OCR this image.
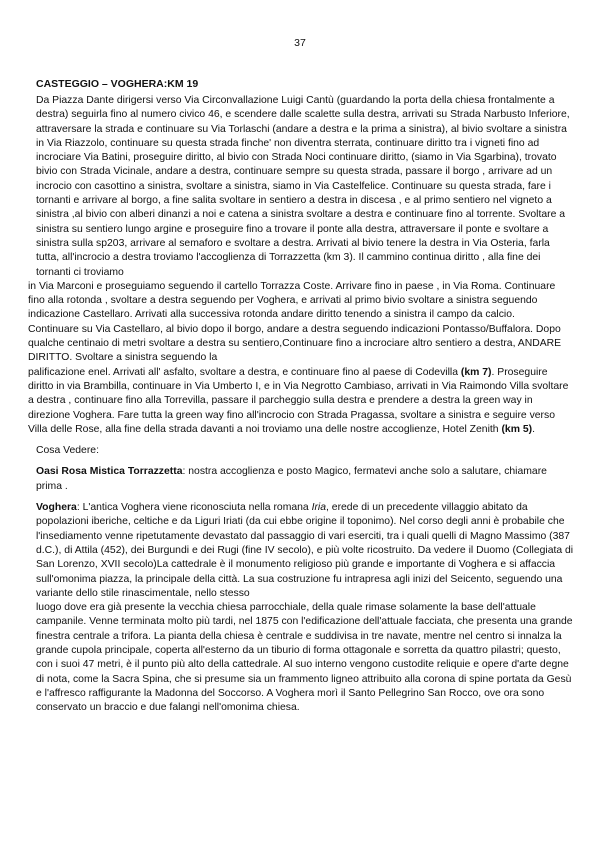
37
CASTEGGIO – VOGHERA:KM 19

Da Piazza Dante dirigersi verso Via Circonvallazione Luigi Cantù (guardando la porta della chiesa frontalmente a destra) seguirla fino al numero civico 46, e scendere dalle scalette sulla destra, arrivati su Strada Narbusto Inferiore, attraversare la strada e continuare su Via Torlaschi (andare a destra e la prima a sinistra), al bivio svoltare a sinistra in Via Riazzolo, continuare su questa strada finche' non diventra sterrata, continuare diritto tra i vigneti fino ad incrociare Via Batini, proseguire diritto, al bivio con Strada Noci continuare diritto, (siamo in Via Sgarbina), trovato bivio con Strada Vicinale, andare a destra, continuare sempre su questa strada, passare il borgo , arrivare ad un incrocio con casottino a sinistra, svoltare a sinistra, siamo in Via Castelfelice. Continuare su questa strada, fare i tornanti e arrivare al borgo, a fine salita svoltare in sentiero a destra in discesa , e al primo sentiero nel vigneto a sinistra ,al bivio con alberi dinanzi a noi e catena a sinistra svoltare a destra e continuare fino al torrente. Svoltare a sinistra su sentiero lungo argine e proseguire fino a trovare il ponte alla destra, attraversare il ponte e svoltare a sinistra sulla sp203, arrivare al semaforo e svoltare a destra. Arrivati al bivio tenere la destra in Via Osteria, farla tutta, all'incrocio a destra troviamo l'accoglienza di Torrazzetta (km 3). Il cammino continua diritto , alla fine dei tornanti ci troviamo

in Via Marconi e proseguiamo seguendo il cartello Torrazza Coste. Arrivare fino in paese , in Via Roma. Continuare fino alla rotonda , svoltare a destra seguendo per Voghera, e arrivati al primo bivio svoltare a sinistra seguendo indicazione Castellaro. Arrivati alla successiva rotonda andare diritto tenendo a sinistra il campo da calcio.

Continuare su Via Castellaro, al bivio dopo il borgo, andare a destra seguendo indicazioni Pontasso/Buffalora. Dopo qualche centinaio di metri svoltare a destra su sentiero,Continuare fino a incrociare altro sentiero a destra, ANDARE DIRITTO. Svoltare a sinistra seguendo la

palificazione enel. Arrivati all' asfalto, svoltare a destra, e continuare fino al paese di Codevilla (km 7). Proseguire diritto in via Brambilla, continuare in Via Umberto I, e in Via Negrotto Cambiaso, arrivati in Via Raimondo Villa svoltare a destra , continuare fino alla Torrevilla, passare il parcheggio sulla destra e prendere a destra la green way in direzione Voghera. Fare tutta la green way fino all'incrocio con Strada Pragassa, svoltare a sinistra e seguire verso Villa delle Rose, alla fine della strada davanti a noi troviamo una delle nostre accoglienze, Hotel Zenith (km 5).

Cosa Vedere:

Oasi Rosa Mistica Torrazzetta: nostra accoglienza e posto Magico, fermatevi anche solo a salutare, chiamare prima .

Voghera: L'antica Voghera viene riconosciuta nella romana Iria, erede di un precedente villaggio abitato da popolazioni iberiche, celtiche e da Liguri Iriati (da cui ebbe origine il toponimo). Nel corso degli anni è probabile che l'insediamento venne ripetutamente devastato dal passaggio di vari eserciti, tra i quali quelli di Magno Massimo (387 d.C.), di Attila (452), dei Burgundi e dei Rugi (fine IV secolo), e più volte ricostruito. Da vedere il Duomo (Collegiata di San Lorenzo, XVII secolo)La cattedrale è il monumento religioso più grande e importante di Voghera e si affaccia sull'omonima piazza, la principale della città. La sua costruzione fu intrapresa agli inizi del Seicento, seguendo una variante dello stile rinascimentale, nello stesso

luogo dove era già presente la vecchia chiesa parrocchiale, della quale rimase solamente la base dell'attuale campanile. Venne terminata molto più tardi, nel 1875 con l'edificazione dell'attuale facciata, che presenta una grande finestra centrale a trifora. La pianta della chiesa è centrale e suddivisa in tre navate, mentre nel centro si innalza la grande cupola principale, coperta all'esterno da un tiburio di forma ottagonale e sorretta da quattro pilastri; questo, con i suoi 47 metri, è il punto più alto della cattedrale. Al suo interno vengono custodite reliquie e opere d'arte degne di nota, come la Sacra Spina, che si presume sia un frammento ligneo attribuito alla corona di spine portata da Gesù e l'affresco raffigurante la Madonna del Soccorso. A Voghera morì il Santo Pellegrino San Rocco, ove ora sono conservato un braccio e due falangi nell'omonima chiesa.
